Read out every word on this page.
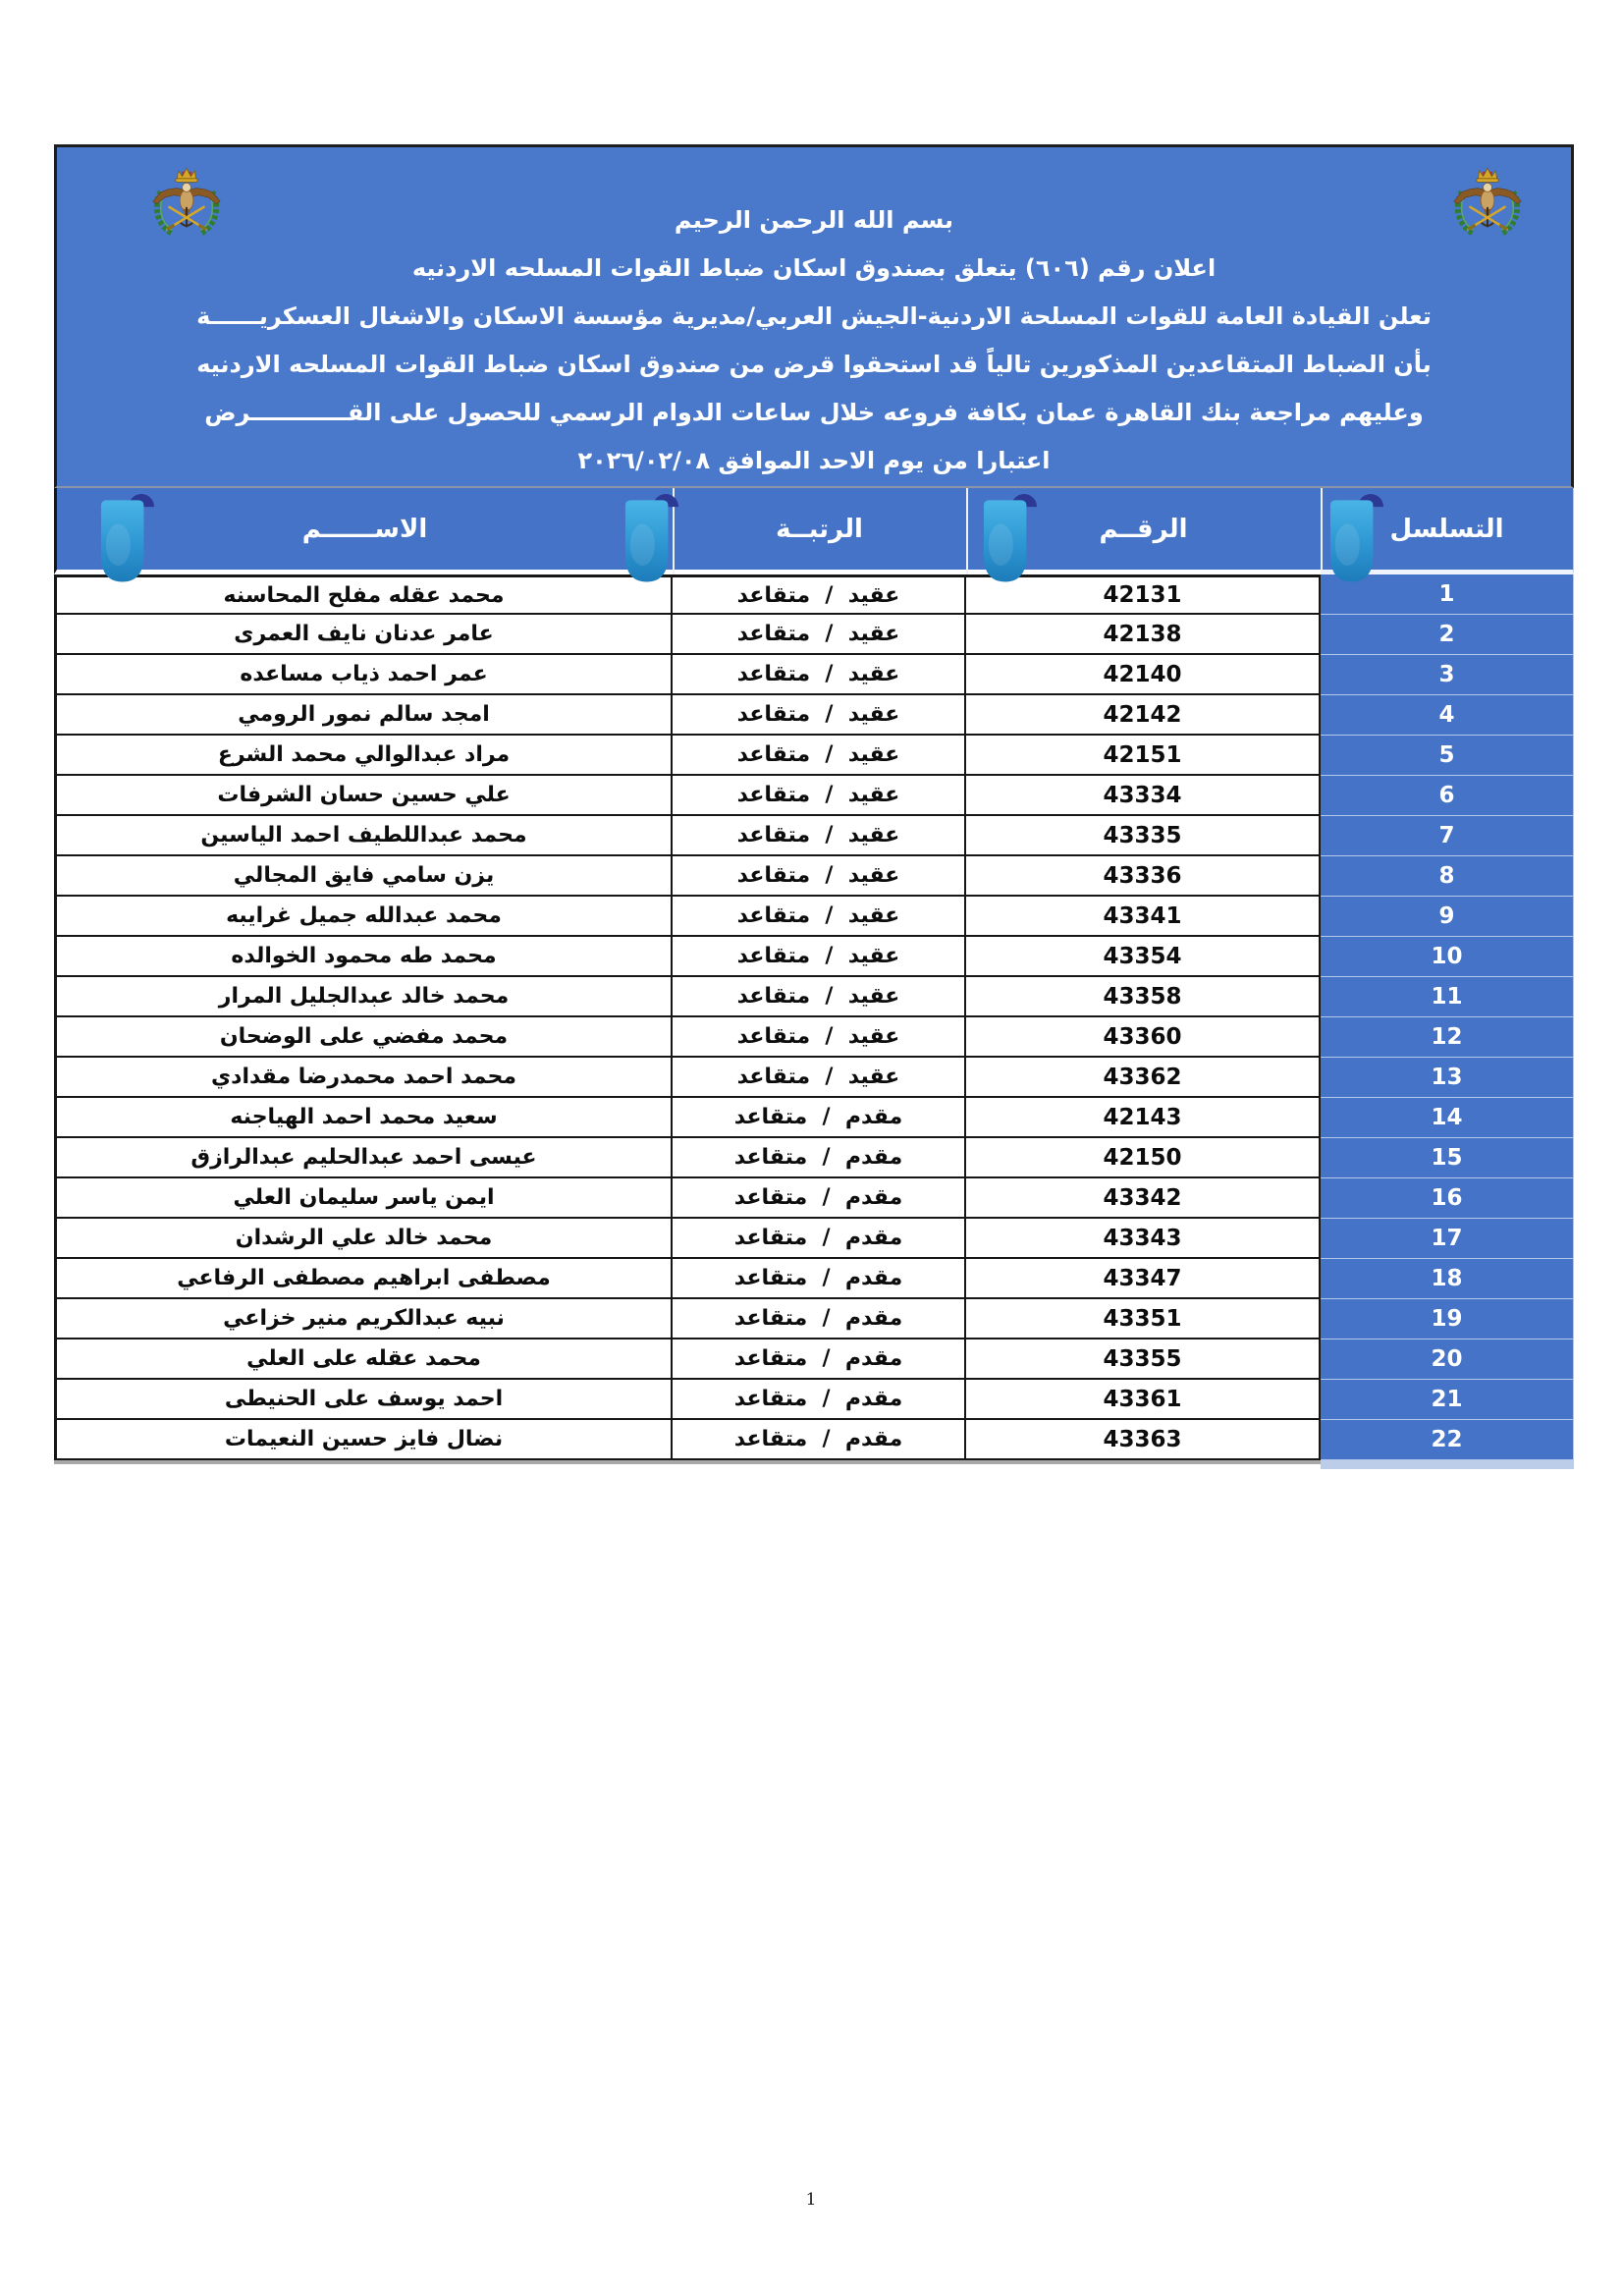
بسم الله الرحمن الرحيم
اعلان رقم (٦٠٦) يتعلق بصندوق اسكان ضباط القوات المسلحه الاردنيه
تعلن القيادة العامة للقوات المسلحة الاردنية-الجيش العربي/مديرية مؤسسة الاسكان والاشغال العسكريــــــة
بأن الضباط المتقاعدين المذكورين تالياً قد استحقوا قرض من صندوق اسكان ضباط القوات المسلحه الاردنيه
وعليهم مراجعة بنك القاهرة عمان بكافة فروعه خلال ساعات الدوام الرسمي للحصول على القــــــــــــرض
اعتبارا من يوم الاحد الموافق ٢٠٢٦/٠٢/٠٨
التسلسل
الرقــم
الرتبــة
الاســــــم
1
42131
عقيد  /  متقاعد
محمد عقله مفلح المحاسنه
2
42138
عقيد  /  متقاعد
عامر عدنان نايف العمرى
3
42140
عقيد  /  متقاعد
عمر احمد ذياب مساعده
4
42142
عقيد  /  متقاعد
امجد سالم نمور الرومي
5
42151
عقيد  /  متقاعد
مراد عبدالوالي محمد الشرع
6
43334
عقيد  /  متقاعد
علي حسين حسان الشرفات
7
43335
عقيد  /  متقاعد
محمد عبداللطيف احمد الياسين
8
43336
عقيد  /  متقاعد
يزن سامي فايق المجالي
9
43341
عقيد  /  متقاعد
محمد عبدالله جميل غرايبه
10
43354
عقيد  /  متقاعد
محمد طه محمود الخوالده
11
43358
عقيد  /  متقاعد
محمد خالد عبدالجليل المرار
12
43360
عقيد  /  متقاعد
محمد مفضي على الوضحان
13
43362
عقيد  /  متقاعد
محمد احمد محمدرضا مقدادي
14
42143
مقدم  /  متقاعد
سعيد محمد احمد الهياجنه
15
42150
مقدم  /  متقاعد
عيسى احمد عبدالحليم عبدالرازق
16
43342
مقدم  /  متقاعد
ايمن ياسر سليمان العلي
17
43343
مقدم  /  متقاعد
محمد خالد علي الرشدان
18
43347
مقدم  /  متقاعد
مصطفى ابراهيم مصطفى الرفاعي
19
43351
مقدم  /  متقاعد
نبيه عبدالكريم منير خزاعي
20
43355
مقدم  /  متقاعد
محمد عقله على العلي
21
43361
مقدم  /  متقاعد
احمد يوسف على الحنيطى
22
43363
مقدم  /  متقاعد
نضال فايز حسين النعيمات
1
